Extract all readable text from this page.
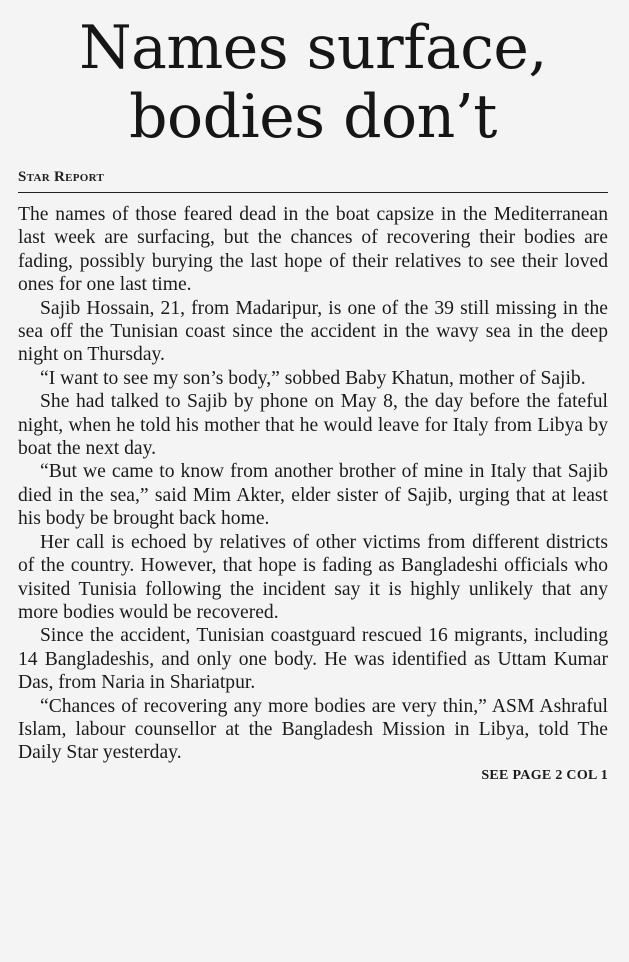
Names surface,
bodies don’t
Star Report

The names of those feared dead in the boat capsize in the Mediterranean last week are surfacing, but the chances of recovering their bodies are fading, possibly burying the last hope of their relatives to see their loved ones for one last time.

Sajib Hossain, 21, from Madaripur, is one of the 39 still missing in the sea off the Tunisian coast since the accident in the wavy sea in the deep night on Thursday.

“I want to see my son’s body,” sobbed Baby Khatun, mother of Sajib.

She had talked to Sajib by phone on May 8, the day before the fateful night, when he told his mother that he would leave for Italy from Libya by boat the next day.

“But we came to know from another brother of mine in Italy that Sajib died in the sea,” said Mim Akter, elder sister of Sajib, urging that at least his body be brought back home.

Her call is echoed by relatives of other victims from different districts of the country. However, that hope is fading as Bangladeshi officials who visited Tunisia following the incident say it is highly unlikely that any more bodies would be recovered.

Since the accident, Tunisian coastguard rescued 16 migrants, including 14 Bangladeshis, and only one body. He was identified as Uttam Kumar Das, from Naria in Shariatpur.

“Chances of recovering any more bodies are very thin,” ASM Ashraful Islam, labour counsellor at the Bangladesh Mission in Libya, told The Daily Star yesterday.

SEE PAGE 2 COL 1
